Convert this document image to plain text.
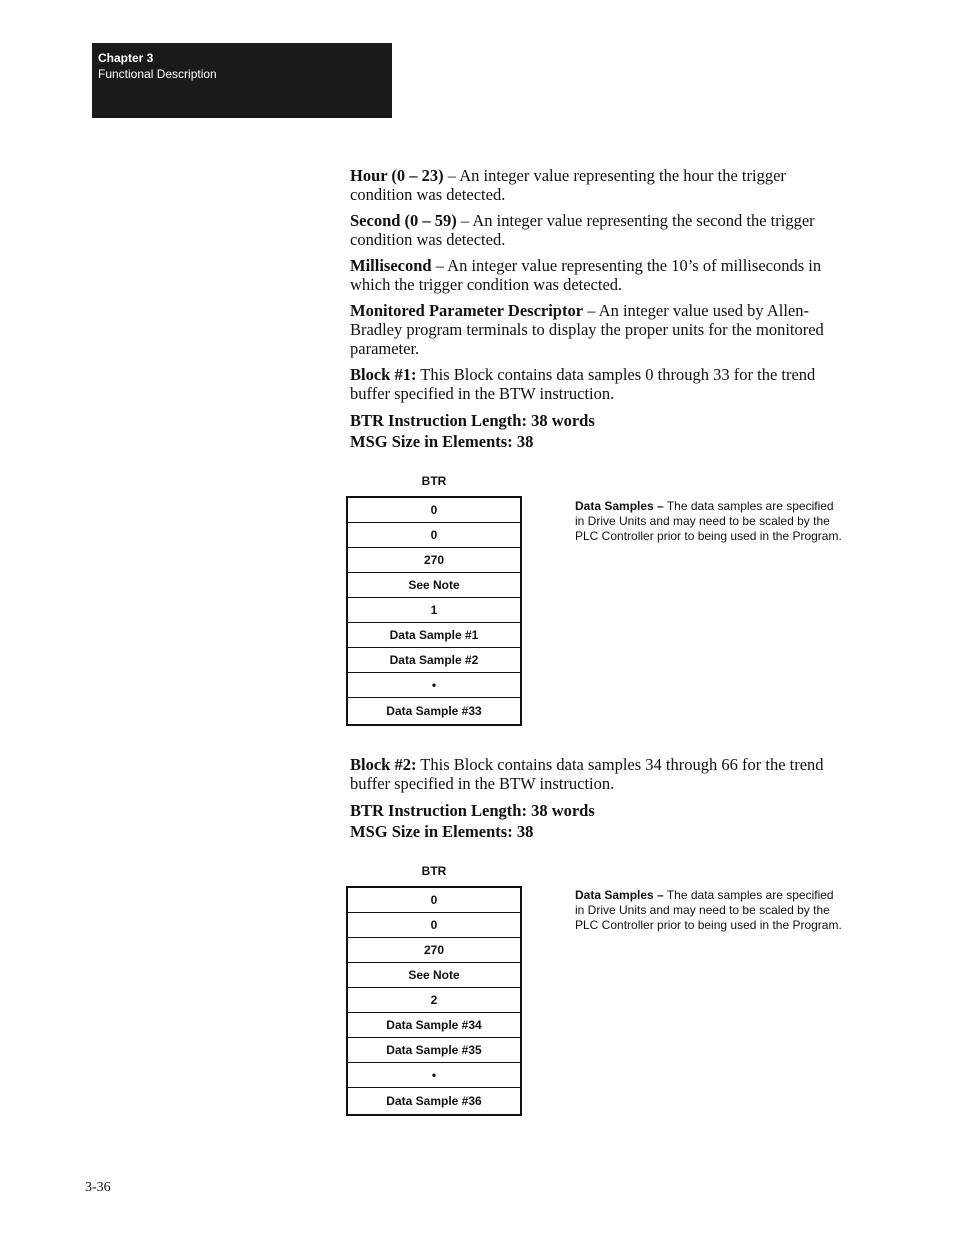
Chapter 3
Functional Description

Hour (0 – 23) – An integer value representing the hour the trigger condition was detected.

Second (0 – 59) – An integer value representing the second the trigger condition was detected.

Millisecond – An integer value representing the 10’s of milliseconds in which the trigger condition was detected.

Monitored Parameter Descriptor – An integer value used by Allen-Bradley program terminals to display the proper units for the monitored parameter.

Block #1: This Block contains data samples 0 through 33 for the trend buffer specified in the BTW instruction.

BTR Instruction Length: 38 words
MSG Size in Elements: 38
BTR
0
0
270
See Note
1
Data Sample #1
Data Sample #2
•
Data Sample #33
Data Samples – The data samples are specified in Drive Units and may need to be scaled by the PLC Controller prior to being used in the Program.

Block #2: This Block contains data samples 34 through 66 for the trend buffer specified in the BTW instruction.

BTR Instruction Length: 38 words
MSG Size in Elements: 38
BTR
0
0
270
See Note
2
Data Sample #34
Data Sample #35
•
Data Sample #36
Data Samples – The data samples are specified in Drive Units and may need to be scaled by the PLC Controller prior to being used in the Program.
3-36
